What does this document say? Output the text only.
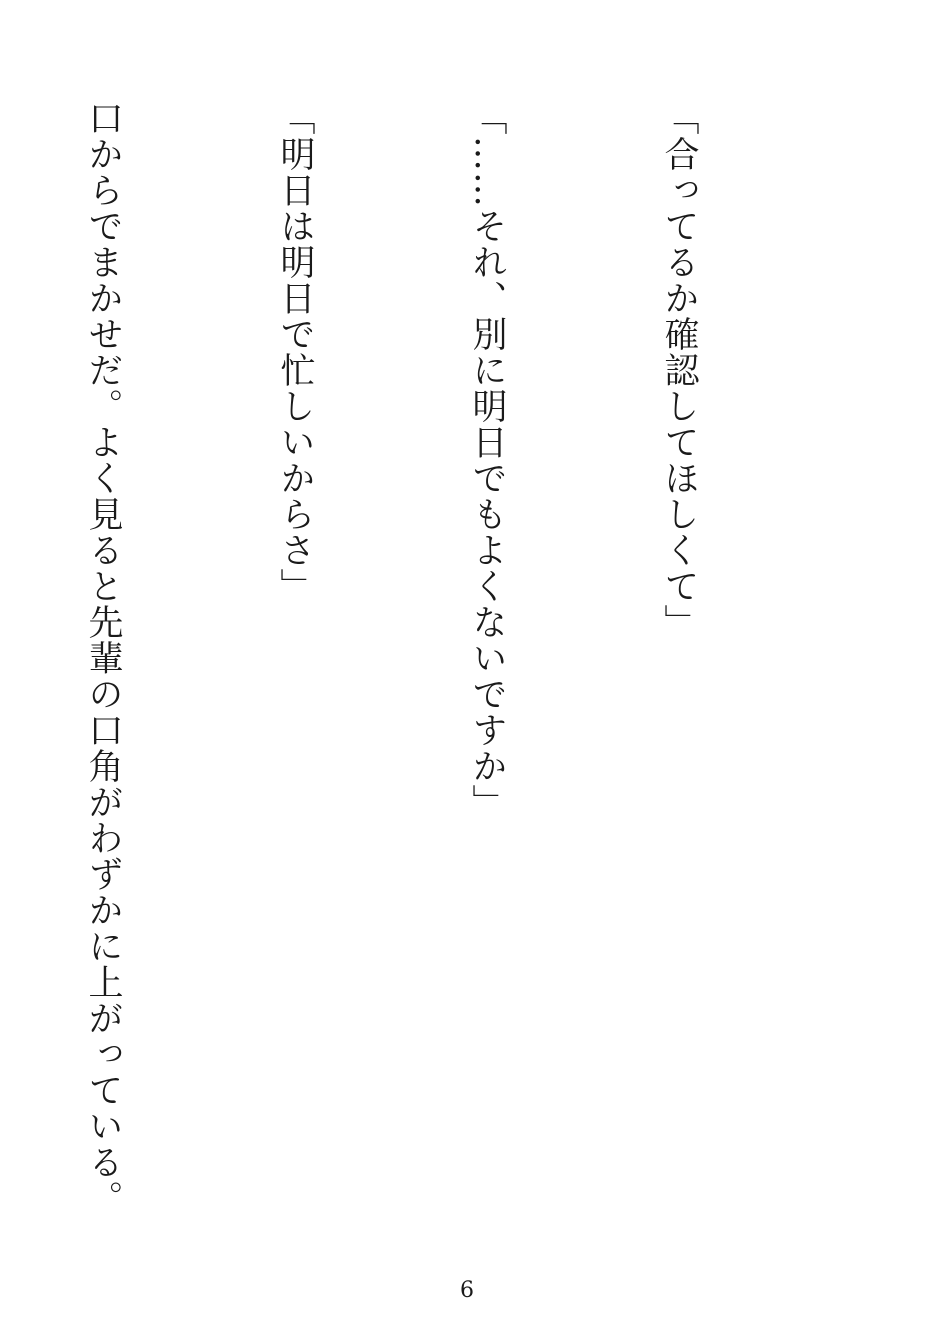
「合ってるか確認してほしくて」

「……それ、別に明日でもよくないですか」

「明日は明日で忙しいからさ」

口からでまかせだ。よく見ると先輩の口角がわずかに上がっている。

6
